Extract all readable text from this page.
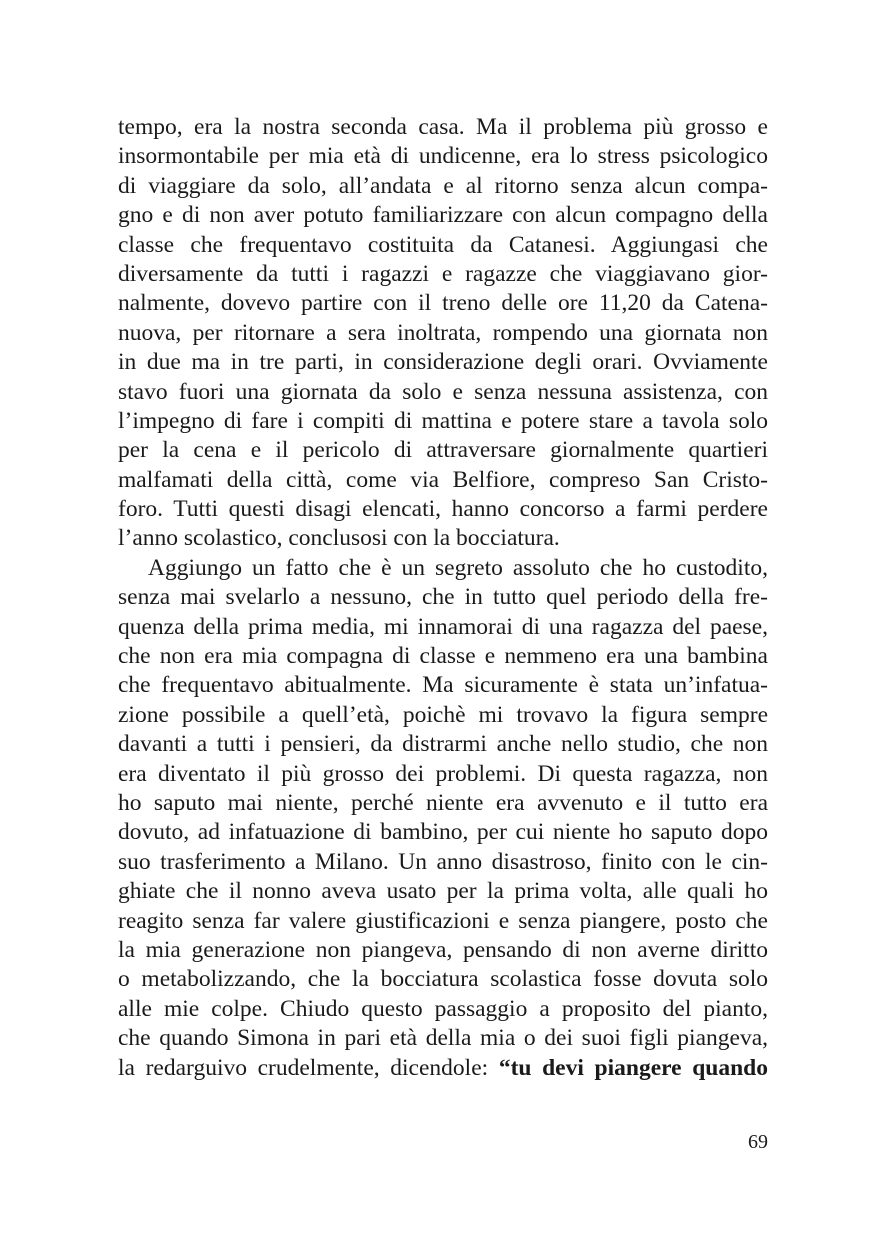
tempo, era la nostra seconda casa. Ma il problema più grosso e
insormontabile per mia età di undicenne, era lo stress psicologico
di viaggiare da solo, all’andata e al ritorno senza alcun compa-
gno e di non aver potuto familiarizzare con alcun compagno della
classe che frequentavo costituita da Catanesi. Aggiungasi che
diversamente da tutti i ragazzi e ragazze che viaggiavano gior-
nalmente, dovevo partire con il treno delle ore 11,20 da Catena-
nuova, per ritornare a sera inoltrata, rompendo una giornata non
in due ma in tre parti, in considerazione degli orari. Ovviamente
stavo fuori una giornata da solo e senza nessuna assistenza, con
l’impegno di fare i compiti di mattina e potere stare a tavola solo
per la cena e il pericolo di attraversare giornalmente quartieri
malfamati della città, come via Belfiore, compreso San Cristo-
foro. Tutti questi disagi elencati, hanno concorso a farmi perdere
l’anno scolastico, conclusosi con la bocciatura.
Aggiungo un fatto che è un segreto assoluto che ho custodito,
senza mai svelarlo a nessuno, che in tutto quel periodo della fre-
quenza della prima media, mi innamorai di una ragazza del paese,
che non era mia compagna di classe e nemmeno era una bambina
che frequentavo abitualmente. Ma sicuramente è stata un’infatua-
zione possibile a quell’età, poichè mi trovavo la figura sempre
davanti a tutti i pensieri, da distrarmi anche nello studio, che non
era diventato il più grosso dei problemi. Di questa ragazza, non
ho saputo mai niente, perché niente era avvenuto e il tutto era
dovuto, ad infatuazione di bambino, per cui niente ho saputo dopo
suo trasferimento a Milano. Un anno disastroso, finito con le cin-
ghiate che il nonno aveva usato per la prima volta, alle quali ho
reagito senza far valere giustificazioni e senza piangere, posto che
la mia generazione non piangeva, pensando di non averne diritto
o metabolizzando, che la bocciatura scolastica fosse dovuta solo
alle mie colpe. Chiudo questo passaggio a proposito del pianto,
che quando Simona in pari età della mia o dei suoi figli piangeva,
la redarguivo crudelmente, dicendole: “tu devi piangere quando
69
